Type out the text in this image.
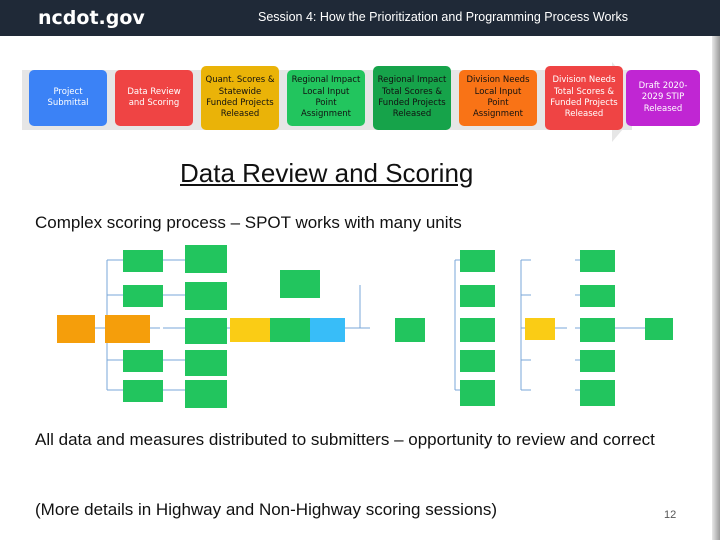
ncdot.gov	Session 4: How the Prioritization and Programming Process Works
Project Submittal
Data Review and Scoring
Quant. Scores & Statewide Funded Projects Released
Regional Impact Local Input Point Assignment
Regional Impact Total Scores & Funded Projects Released
Division Needs Local Input Point Assignment
Division Needs Total Scores & Funded Projects Released
Draft 2020-2029 STIP Released
Data Review and Scoring
Complex scoring process – SPOT works with many units
All data and measures distributed to submitters – opportunity to review and correct
(More details in Highway and Non-Highway scoring sessions)	12
